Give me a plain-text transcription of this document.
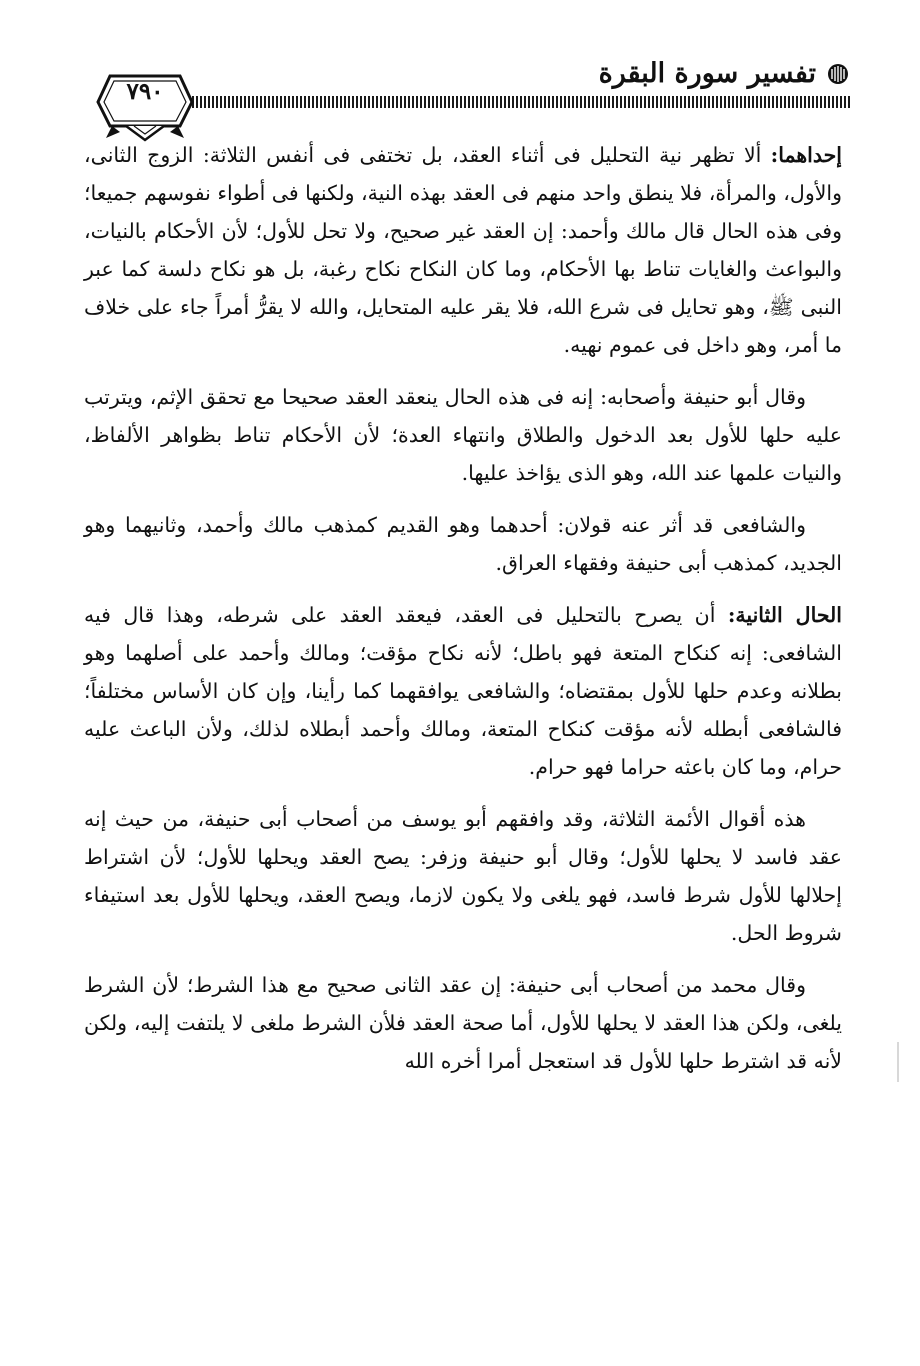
تفسير سورة البقرة
٧٩٠

إحداهما: ألا تظهر نية التحليل فى أثناء العقد، بل تختفى فى أنفس الثلاثة: الزوج الثانى، والأول، والمرأة، فلا ينطق واحد منهم فى العقد بهذه النية، ولكنها فى أطواء نفوسهم جميعا؛ وفى هذه الحال قال مالك وأحمد: إن العقد غير صحيح، ولا تحل للأول؛ لأن الأحكام بالنيات، والبواعث والغايات تناط بها الأحكام، وما كان النكاح نكاح رغبة، بل هو نكاح دلسة كما عبر النبى ﷺ، وهو تحايل فى شرع الله، فلا يقر عليه المتحايل، والله لا يقرُّ أمراً جاء على خلاف ما أمر، وهو داخل فى عموم نهيه.

وقال أبو حنيفة وأصحابه: إنه فى هذه الحال ينعقد العقد صحيحا مع تحقق الإثم، ويترتب عليه حلها للأول بعد الدخول والطلاق وانتهاء العدة؛ لأن الأحكام تناط بظواهر الألفاظ، والنيات علمها عند الله، وهو الذى يؤاخذ عليها.

والشافعى قد أثر عنه قولان: أحدهما وهو القديم كمذهب مالك وأحمد، وثانيهما وهو الجديد، كمذهب أبى حنيفة وفقهاء العراق.

الحال الثانية: أن يصرح بالتحليل فى العقد، فيعقد العقد على شرطه، وهذا قال فيه الشافعى: إنه كنكاح المتعة فهو باطل؛ لأنه نكاح مؤقت؛ ومالك وأحمد على أصلهما وهو بطلانه وعدم حلها للأول بمقتضاه؛ والشافعى يوافقهما كما رأينا، وإن كان الأساس مختلفاً؛ فالشافعى أبطله لأنه مؤقت كنكاح المتعة، ومالك وأحمد أبطلاه لذلك، ولأن الباعث عليه حرام، وما كان باعثه حراما فهو حرام.

هذه أقوال الأئمة الثلاثة، وقد وافقهم أبو يوسف من أصحاب أبى حنيفة، من حيث إنه عقد فاسد لا يحلها للأول؛ وقال أبو حنيفة وزفر: يصح العقد ويحلها للأول؛ لأن اشتراط إحلالها للأول شرط فاسد، فهو يلغى ولا يكون لازما، ويصح العقد، ويحلها للأول بعد استيفاء شروط الحل.

وقال محمد من أصحاب أبى حنيفة: إن عقد الثانى صحيح مع هذا الشرط؛ لأن الشرط يلغى، ولكن هذا العقد لا يحلها للأول، أما صحة العقد فلأن الشرط ملغى لا يلتفت إليه، ولكن لأنه قد اشترط حلها للأول قد استعجل أمرا أخره الله
